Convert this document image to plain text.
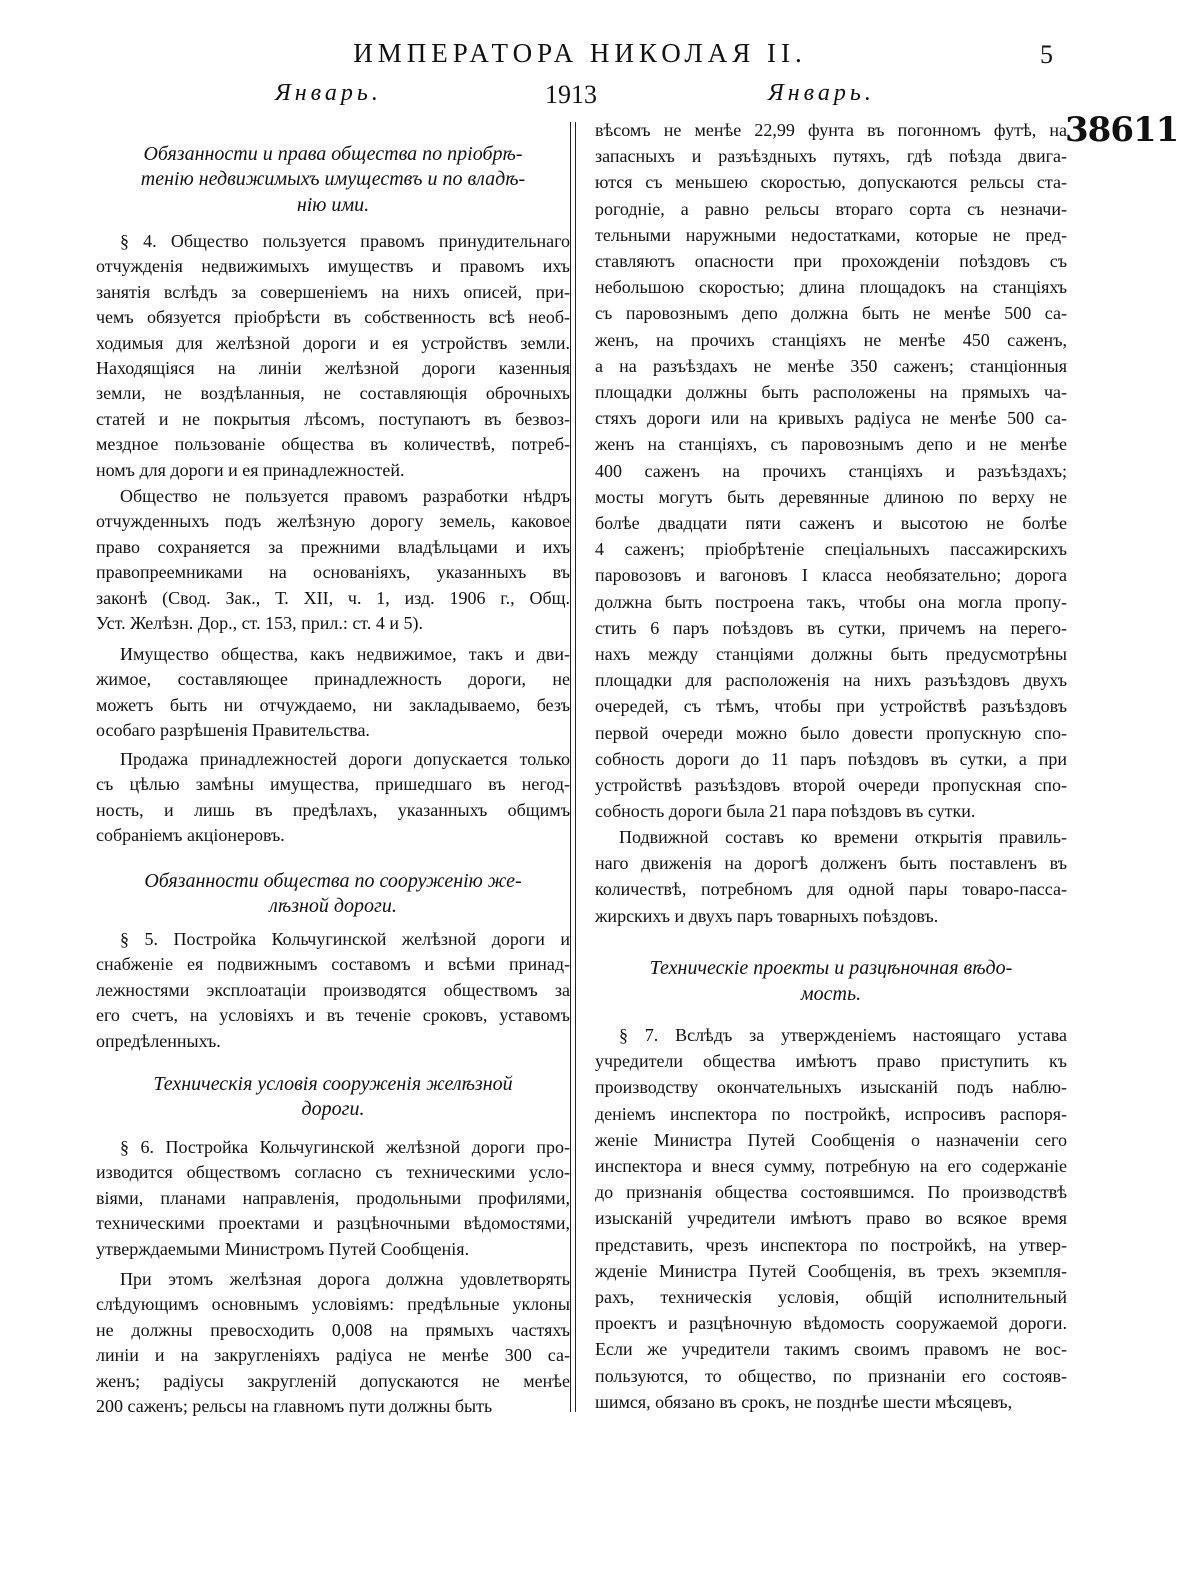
ИМПЕРАТОРА НИКОЛАЯ II.	5
Январь.	1913	Январь.
38611
Обязанности и права общества по пріобрѣ-
тенію недвижимыхъ имуществъ и по владѣ-
нію ими.
§ 4. Общество пользуется правомъ принудительнаго
отчужденія недвижимыхъ имуществъ и правомъ ихъ
занятія вслѣдъ за совершеніемъ на нихъ описей, при-
чемъ обязуется пріобрѣсти въ собственность всѣ необ-
ходимыя для желѣзной дороги и ея устройствъ земли.
Находящіяся на линіи желѣзной дороги казенныя
земли, не воздѣланныя, не составляющія оброчныхъ
статей и не покрытыя лѣсомъ, поступаютъ въ безвоз-
мездное пользованіе общества въ количествѣ, потреб-
номъ для дороги и ея принадлежностей.
Общество не пользуется правомъ разработки нѣдръ
отчужденныхъ подъ желѣзную дорогу земель, каковое
право сохраняется за прежними владѣльцами и ихъ
правопреемниками на основаніяхъ, указанныхъ въ
законѣ (Свод. Зак., Т. XII, ч. 1, изд. 1906 г., Общ.
Уст. Желѣзн. Дор., ст. 153, прил.: ст. 4 и 5).
Имущество общества, какъ недвижимое, такъ и дви-
жимое, составляющее принадлежность дороги, не
можетъ быть ни отчуждаемо, ни закладываемо, безъ
особаго разрѣшенія Правительства.
Продажа принадлежностей дороги допускается только
съ цѣлью замѣны имущества, пришедшаго въ негод-
ность, и лишь въ предѣлахъ, указанныхъ общимъ
собраніемъ акціонеровъ.
Обязанности общества по сооруженію же-
лѣзной дороги.
§ 5. Постройка Кольчугинской желѣзной дороги и
снабженіе ея подвижнымъ составомъ и всѣми принад-
лежностями эксплоатаціи производятся обществомъ за
его счетъ, на условіяхъ и въ теченіе сроковъ, уставомъ
опредѣленныхъ.
Техническія условія сооруженія желѣзной
дороги.
§ 6. Постройка Кольчугинской желѣзной дороги про-
изводится обществомъ согласно съ техническими усло-
віями, планами направленія, продольными профилями,
техническими проектами и разцѣночными вѣдомостями,
утверждаемыми Министромъ Путей Сообщенія.
При этомъ желѣзная дорога должна удовлетворять
слѣдующимъ основнымъ условіямъ: предѣльные уклоны
не должны превосходить 0,008 на прямыхъ частяхъ
линіи и на закругленіяхъ радіуса не менѣе 300 са-
женъ; радіусы закругленій допускаются не менѣе
200 саженъ; рельсы на главномъ пути должны быть
вѣсомъ не менѣе 22,99 фунта въ погонномъ футѣ, на
запасныхъ и разъѣздныхъ путяхъ, гдѣ поѣзда двига-
ются съ меньшею скоростью, допускаются рельсы ста-
рогодніе, а равно рельсы втораго сорта съ незначи-
тельными наружными недостатками, которые не пред-
ставляютъ опасности при прохожденіи поѣздовъ съ
небольшою скоростью; длина площадокъ на станціяхъ
съ паровознымъ депо должна быть не менѣе 500 са-
женъ, на прочихъ станціяхъ не менѣе 450 саженъ,
а на разъѣздахъ не менѣе 350 саженъ; станціонныя
площадки должны быть расположены на прямыхъ ча-
стяхъ дороги или на кривыхъ радіуса не менѣе 500 са-
женъ на станціяхъ, съ паровознымъ депо и не менѣе
400 саженъ на прочихъ станціяхъ и разъѣздахъ;
мосты могутъ быть деревянные длиною по верху не
болѣе двадцати пяти саженъ и высотою не болѣе
4 саженъ; пріобрѣтеніе спеціальныхъ пассажирскихъ
паровозовъ и вагоновъ I класса необязательно; дорога
должна быть построена такъ, чтобы она могла пропу-
стить 6 паръ поѣздовъ въ сутки, причемъ на перего-
нахъ между станціями должны быть предусмотрѣны
площадки для расположенія на нихъ разъѣздовъ двухъ
очередей, съ тѣмъ, чтобы при устройствѣ разъѣздовъ
первой очереди можно было довести пропускную спо-
собность дороги до 11 паръ поѣздовъ въ сутки, а при
устройствѣ разъѣздовъ второй очереди пропускная спо-
собность дороги была 21 пара поѣздовъ въ сутки.
Подвижной составъ ко времени открытія правиль-
наго движенія на дорогѣ долженъ быть поставленъ въ
количествѣ, потребномъ для одной пары товаро-пасса-
жирскихъ и двухъ паръ товарныхъ поѣздовъ.
Техническіе проекты и разцѣночная вѣдо-
мость.
§ 7. Вслѣдъ за утвержденіемъ настоящаго устава
учредители общества имѣютъ право приступить къ
производству окончательныхъ изысканій подъ наблю-
деніемъ инспектора по постройкѣ, испросивъ распоря-
женіе Министра Путей Сообщенія о назначеніи сего
инспектора и внеся сумму, потребную на его содержаніе
до признанія общества состоявшимся. По производствѣ
изысканій учредители имѣютъ право во всякое время
представить, чрезъ инспектора по постройкѣ, на утвер-
жденіе Министра Путей Сообщенія, въ трехъ экземпля-
рахъ, техническія условія, общій исполнительный
проектъ и разцѣночную вѣдомость сооружаемой дороги.
Если же учредители такимъ своимъ правомъ не вос-
пользуются, то общество, по признаніи его состояв-
шимся, обязано въ срокъ, не позднѣе шести мѣсяцевъ,
